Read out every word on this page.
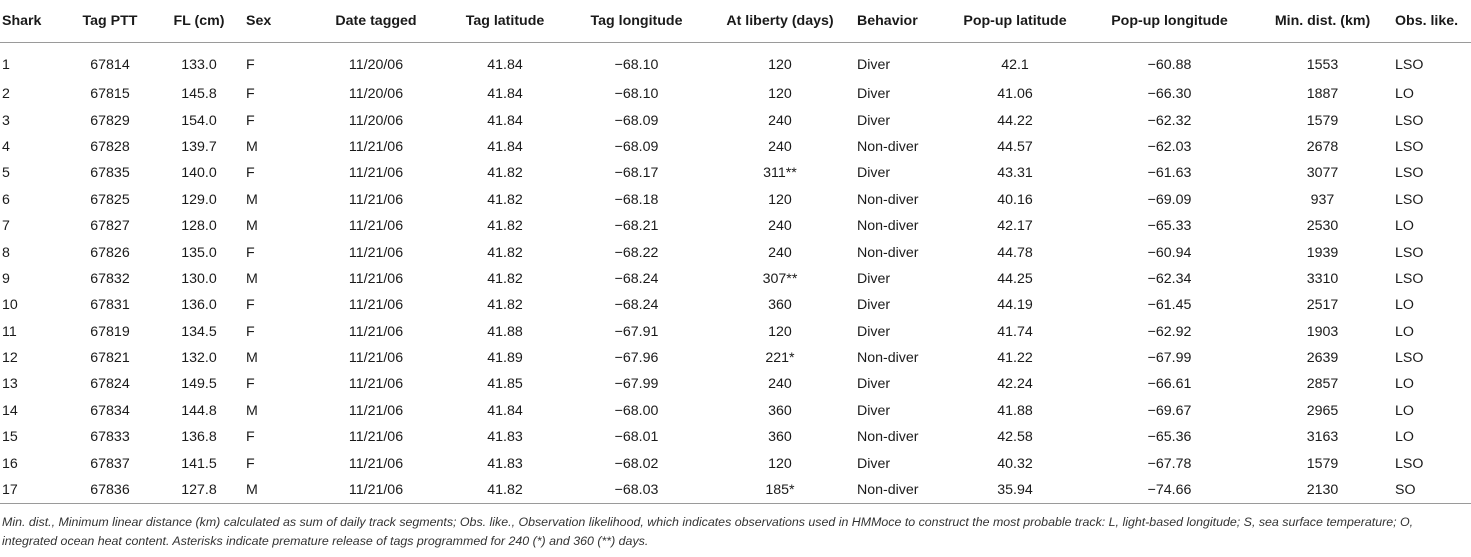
Shark	Tag PTT	FL (cm)	Sex	Date tagged	Tag latitude	Tag longitude	At liberty (days)	Behavior	Pop-up latitude	Pop-up longitude	Min. dist. (km)	Obs. like.
1	67814	133.0	F	11/20/06	41.84	−68.10	120	Diver	42.1	−60.88	1553	LSO
2	67815	145.8	F	11/20/06	41.84	−68.10	120	Diver	41.06	−66.30	1887	LO
3	67829	154.0	F	11/20/06	41.84	−68.09	240	Diver	44.22	−62.32	1579	LSO
4	67828	139.7	M	11/21/06	41.84	−68.09	240	Non-diver	44.57	−62.03	2678	LSO
5	67835	140.0	F	11/21/06	41.82	−68.17	311**	Diver	43.31	−61.63	3077	LSO
6	67825	129.0	M	11/21/06	41.82	−68.18	120	Non-diver	40.16	−69.09	937	LSO
7	67827	128.0	M	11/21/06	41.82	−68.21	240	Non-diver	42.17	−65.33	2530	LO
8	67826	135.0	F	11/21/06	41.82	−68.22	240	Non-diver	44.78	−60.94	1939	LSO
9	67832	130.0	M	11/21/06	41.82	−68.24	307**	Diver	44.25	−62.34	3310	LSO
10	67831	136.0	F	11/21/06	41.82	−68.24	360	Diver	44.19	−61.45	2517	LO
11	67819	134.5	F	11/21/06	41.88	−67.91	120	Diver	41.74	−62.92	1903	LO
12	67821	132.0	M	11/21/06	41.89	−67.96	221*	Non-diver	41.22	−67.99	2639	LSO
13	67824	149.5	F	11/21/06	41.85	−67.99	240	Diver	42.24	−66.61	2857	LO
14	67834	144.8	M	11/21/06	41.84	−68.00	360	Diver	41.88	−69.67	2965	LO
15	67833	136.8	F	11/21/06	41.83	−68.01	360	Non-diver	42.58	−65.36	3163	LO
16	67837	141.5	F	11/21/06	41.83	−68.02	120	Diver	40.32	−67.78	1579	LSO
17	67836	127.8	M	11/21/06	41.82	−68.03	185*	Non-diver	35.94	−74.66	2130	SO
Min. dist., Minimum linear distance (km) calculated as sum of daily track segments; Obs. like., Observation likelihood, which indicates observations used in HMMoce to construct the most probable track: L, light-based longitude; S, sea surface temperature; O, integrated ocean heat content. Asterisks indicate premature release of tags programmed for 240 (*) and 360 (**) days.
